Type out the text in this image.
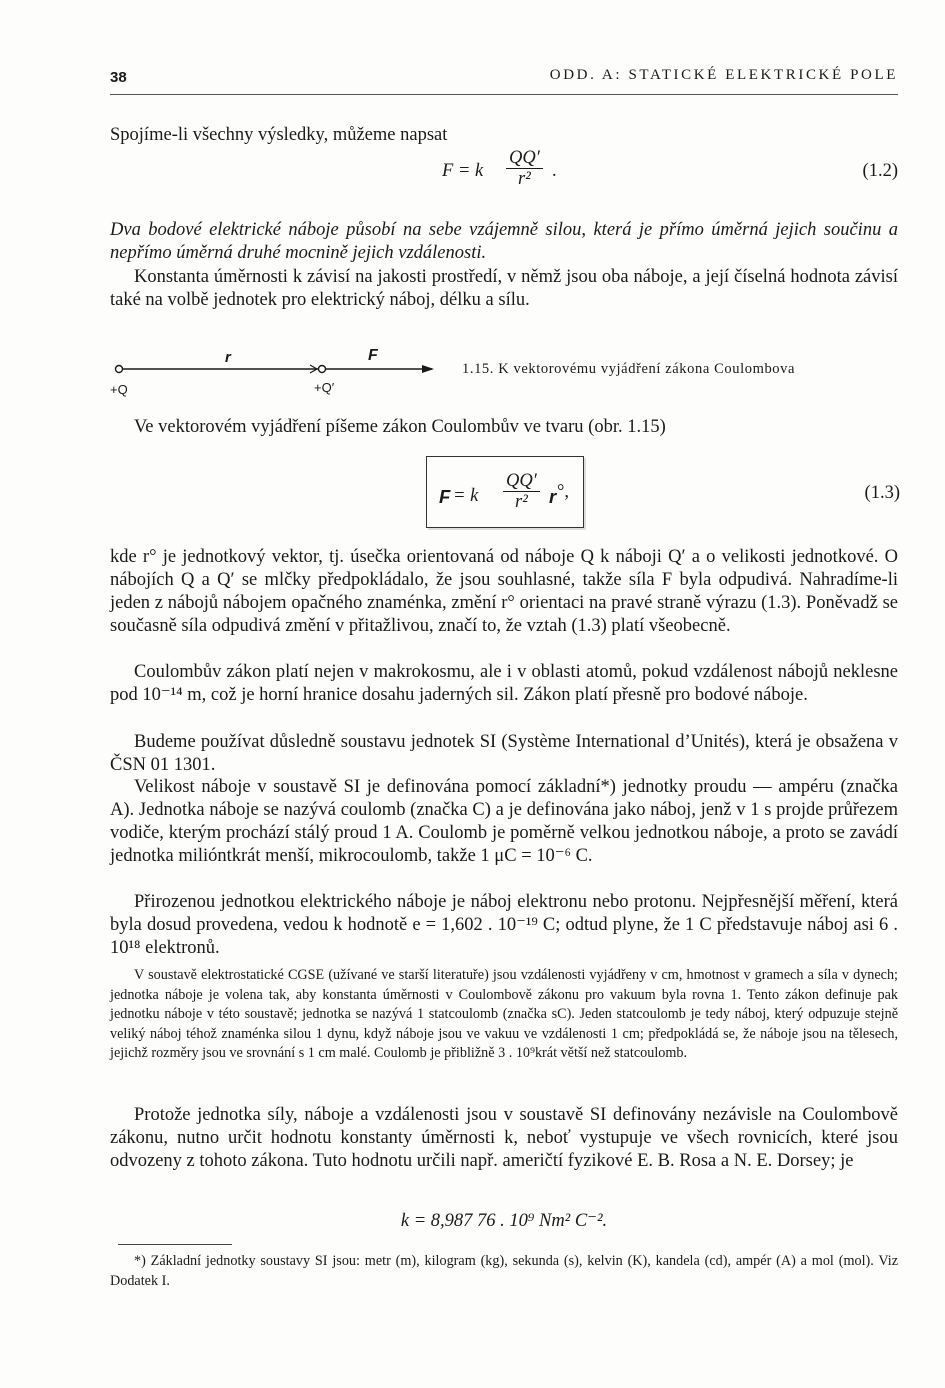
38	ODD. A: STATICKÉ ELEKTRICKÉ POLE
Spojíme-li všechny výsledky, můžeme napsat
F = k $\frac{QQ'}{\text{r²}}$ .	(1.2)
Dva bodové elektrické náboje působí na sebe vzájemně silou, která je přímo úměrná jejich součinu a nepřímo úměrná druhé mocnině jejich vzdálenosti.
Konstanta úměrnosti k závisí na jakosti prostředí, v němž jsou oba náboje, a její číselná hodnota závisí také na volbě jednotek pro elektrický náboj, délku a sílu.
r	F
+Q	+Q′
1.15. K vektorovému vyjádření zákona Coulombova
Ve vektorovém vyjádření píšeme zákon Coulombův ve tvaru (obr. 1.15)
F = k $\frac{QQ'}{\text{r²}}$ r °,	(1.3)
kde r° je jednotkový vektor, tj. úsečka orientovaná od náboje Q k náboji Q′ a o velikosti jednotkové. O nábojích Q a Q′ se mlčky předpokládalo, že jsou souhlasné, takže síla F byla odpudivá. Nahradíme-li jeden z nábojů nábojem opačného znaménka, změní r° orientaci na pravé straně výrazu (1.3). Poněvadž se současně síla odpudivá změní v přitažlivou, značí to, že vztah (1.3) platí všeobecně.
Coulombův zákon platí nejen v makrokosmu, ale i v oblasti atomů, pokud vzdálenost nábojů neklesne pod 10⁻¹⁴ m, což je horní hranice dosahu jaderných sil. Zákon platí přesně pro bodové náboje.
Budeme používat důsledně soustavu jednotek SI (Système International d’Unités), která je obsažena v ČSN 01 1301.
Velikost náboje v soustavě SI je definována pomocí základní*) jednotky proudu — ampéru (značka A). Jednotka náboje se nazývá coulomb (značka C) a je definována jako náboj, jenž v 1 s projde průřezem vodiče, kterým prochází stálý proud 1 A. Coulomb je poměrně velkou jednotkou náboje, a proto se zavádí jednotka milióntkrát menší, mikrocoulomb, takže 1 μC = 10⁻⁶ C.
Přirozenou jednotkou elektrického náboje je náboj elektronu nebo protonu. Nejpřesnější měření, která byla dosud provedena, vedou k hodnotě e = 1,602 . 10⁻¹⁹ C; odtud plyne, že 1 C představuje náboj asi 6 . 10¹⁸ elektronů.
V soustavě elektrostatické CGSE (užívané ve starší literatuře) jsou vzdálenosti vyjádřeny v cm, hmotnost v gramech a síla v dynech; jednotka náboje je volena tak, aby konstanta úměrnosti v Coulombově zákonu pro vakuum byla rovna 1. Tento zákon definuje pak jednotku náboje v této soustavě; jednotka se nazývá 1 statcoulomb (značka sC). Jeden statcoulomb je tedy náboj, který odpuzuje stejně veliký náboj téhož znaménka silou 1 dynu, když náboje jsou ve vakuu ve vzdálenosti 1 cm; předpokládá se, že náboje jsou na tělesech, jejichž rozměry jsou ve srovnání s 1 cm malé. Coulomb je přibližně 3 . 10⁹krát větší než statcoulomb.
Protože jednotka síly, náboje a vzdálenosti jsou v soustavě SI definovány nezávisle na Coulombově zákonu, nutno určit hodnotu konstanty úměrnosti k, neboť vystupuje ve všech rovnicích, které jsou odvozeny z tohoto zákona. Tuto hodnotu určili např. američtí fyzikové E. B. Rosa a N. E. Dorsey; je
k = 8,987 76 . 10⁹ Nm² C⁻².
*) Základní jednotky soustavy SI jsou: metr (m), kilogram (kg), sekunda (s), kelvin (K), kandela (cd), ampér (A) a mol (mol). Viz Dodatek I.
